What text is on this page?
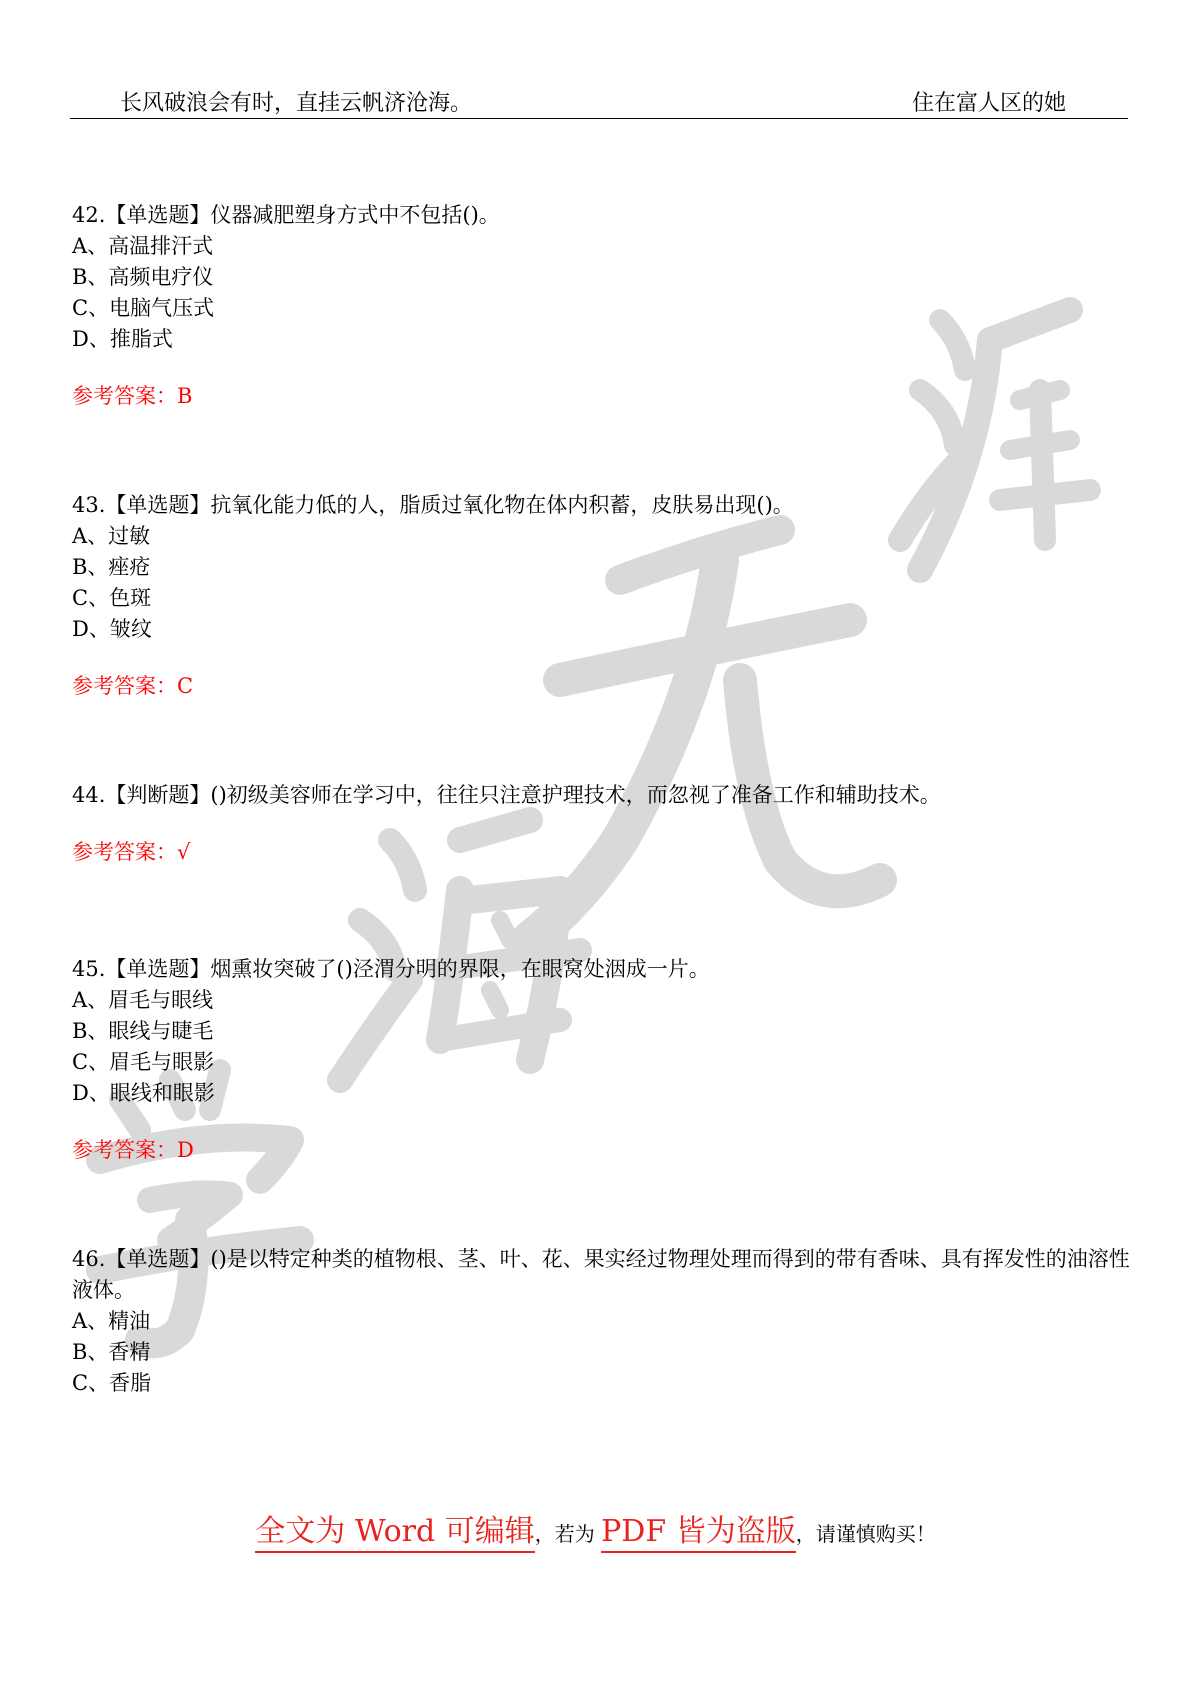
长风破浪会有时，直挂云帆济沧海。	住在富人区的她
42.【单选题】仪器减肥塑身方式中不包括()。
A、高温排汗式
B、高频电疗仪
C、电脑气压式
D、推脂式
参考答案：B
43.【单选题】抗氧化能力低的人，脂质过氧化物在体内积蓄，皮肤易出现()。
A、过敏
B、痤疮
C、色斑
D、皱纹
参考答案：C
44.【判断题】()初级美容师在学习中，往往只注意护理技术，而忽视了准备工作和辅助技术。
参考答案：√
45.【单选题】烟熏妆突破了()泾渭分明的界限，在眼窝处洇成一片。
A、眉毛与眼线
B、眼线与睫毛
C、眉毛与眼影
D、眼线和眼影
参考答案：D
46.【单选题】()是以特定种类的植物根、茎、叶、花、果实经过物理处理而得到的带有香味、具有挥发性的油溶性液体。
A、精油
B、香精
C、香脂
全文为 Word 可编辑，若为 PDF 皆为盗版，请谨慎购买！
